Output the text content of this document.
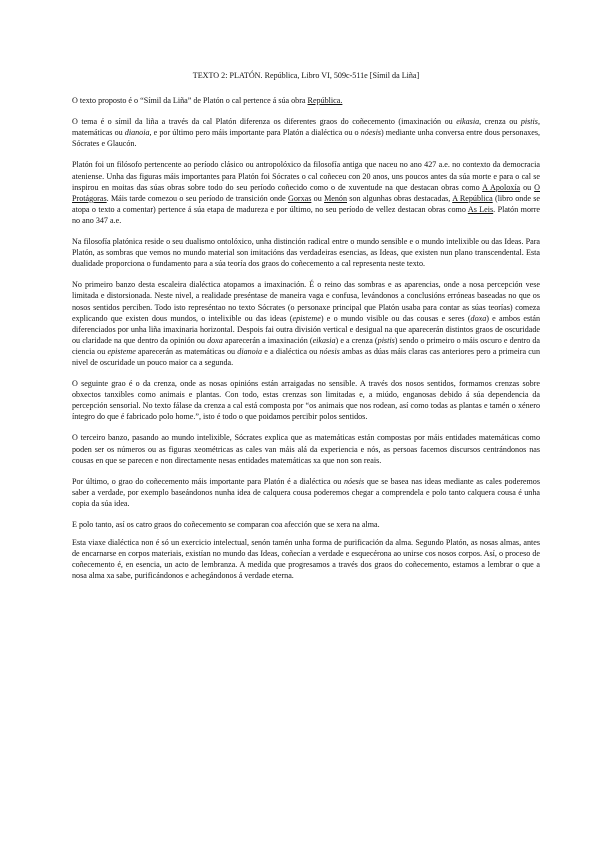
TEXTO 2: PLATÓN. República, Libro VI, 509c-511e [Símil da Liña]

O texto proposto é o “Símil da Liña” de Platón o cal pertence á súa obra República.

O tema é o símil da liña a través da cal Platón diferenza os diferentes graos do coñecemento (imaxinación ou eikasia, crenza ou pistis, matemáticas ou dianoia, e por último pero máis importante para Platón a dialéctica ou o nóesis) mediante unha conversa entre dous personaxes, Sócrates e Glaucón.

Platón foi un filósofo pertencente ao período clásico ou antropolóxico da filosofía antiga que naceu no ano 427 a.e. no contexto da democracia ateniense. Unha das figuras máis importantes para Platón foi Sócrates o cal coñeceu con 20 anos, uns poucos antes da súa morte e para o cal se inspirou en moitas das súas obras sobre todo do seu período coñecido como o de xuventude na que destacan obras como A Apoloxía ou O Protágoras. Máis tarde comezou o seu período de transición onde Gorxas ou Menón son algunhas obras destacadas, A República (libro onde se atopa o texto a comentar) pertence á súa etapa de madureza e por último, no seu período de vellez destacan obras como As Leis. Platón morre no ano 347 a.e.

Na filosofía platónica reside o seu dualismo ontolóxico, unha distinción radical entre o mundo sensible e o mundo intelixible ou das Ideas. Para Platón, as sombras que vemos no mundo material son imitacións das verdadeiras esencias, as Ideas, que existen nun plano transcendental. Esta dualidade proporciona o fundamento para a súa teoría dos graos do coñecemento a cal representa neste texto.

No primeiro banzo desta escaleira dialéctica atopamos a imaxinación. É o reino das sombras e as aparencias, onde a nosa percepción vese limitada e distorsionada. Neste nivel, a realidade preséntase de maneira vaga e confusa, levándonos a conclusións erróneas baseadas no que os nosos sentidos perciben. Todo isto represéntao no texto Sócrates (o personaxe principal que Platón usaba para contar as súas teorías) comeza explicando que existen dous mundos, o intelixible ou das ideas (episteme) e o mundo visible ou das cousas e seres (doxa) e ambos están diferenciados por unha liña imaxinaria horizontal. Despois fai outra división vertical e desigual na que aparecerán distintos graos de oscuridade ou claridade na que dentro da opinión ou doxa aparecerán a imaxinación (eikasia) e a crenza (pistis) sendo o primeiro o máis oscuro e dentro da ciencia ou episteme aparecerán as matemáticas ou dianoia e a dialéctica ou nóesis ambas as dúas máis claras cas anteriores pero a primeira cun nivel de oscuridade un pouco maior ca a segunda.

O seguinte grao é o da crenza, onde as nosas opinións están arraigadas no sensible. A través dos nosos sentidos, formamos crenzas sobre obxectos tanxibles como animais e plantas. Con todo, estas crenzas son limitadas e, a miúdo, enganosas debido á súa dependencia da percepción sensorial. No texto fálase da crenza a cal está composta por “os animais que nos rodean, así como todas as plantas e tamén o xénero íntegro do que é fabricado polo home.”, isto é todo o que poidamos percibir polos sentidos.

O terceiro banzo, pasando ao mundo intelixible, Sócrates explica que as matemáticas están compostas por máis entidades matemáticas como poden ser os números ou as figuras xeométricas as cales van máis alá da experiencia e nós, as persoas facemos discursos centrándonos nas cousas en que se parecen e non directamente nesas entidades matemáticas xa que non son reais.

Por último, o grao do coñecemento máis importante para Platón é a dialéctica ou nóesis que se basea nas ideas mediante as cales poderemos saber a verdade, por exemplo baseándonos nunha idea de calquera cousa poderemos chegar a comprendela e polo tanto calquera cousa é unha copia da súa idea.

E polo tanto, así os catro graos do coñecemento se comparan coa afección que se xera na alma.

Esta viaxe dialéctica non é só un exercicio intelectual, senón tamén unha forma de purificación da alma. Segundo Platón, as nosas almas, antes de encarnarse en corpos materiais, existían no mundo das Ideas, coñecían a verdade e esquecérona ao unirse cos nosos corpos. Así, o proceso de coñecemento é, en esencia, un acto de lembranza. A medida que progresamos a través dos graos do coñecemento, estamos a lembrar o que a nosa alma xa sabe, purificándonos e achegándonos á verdade eterna.
